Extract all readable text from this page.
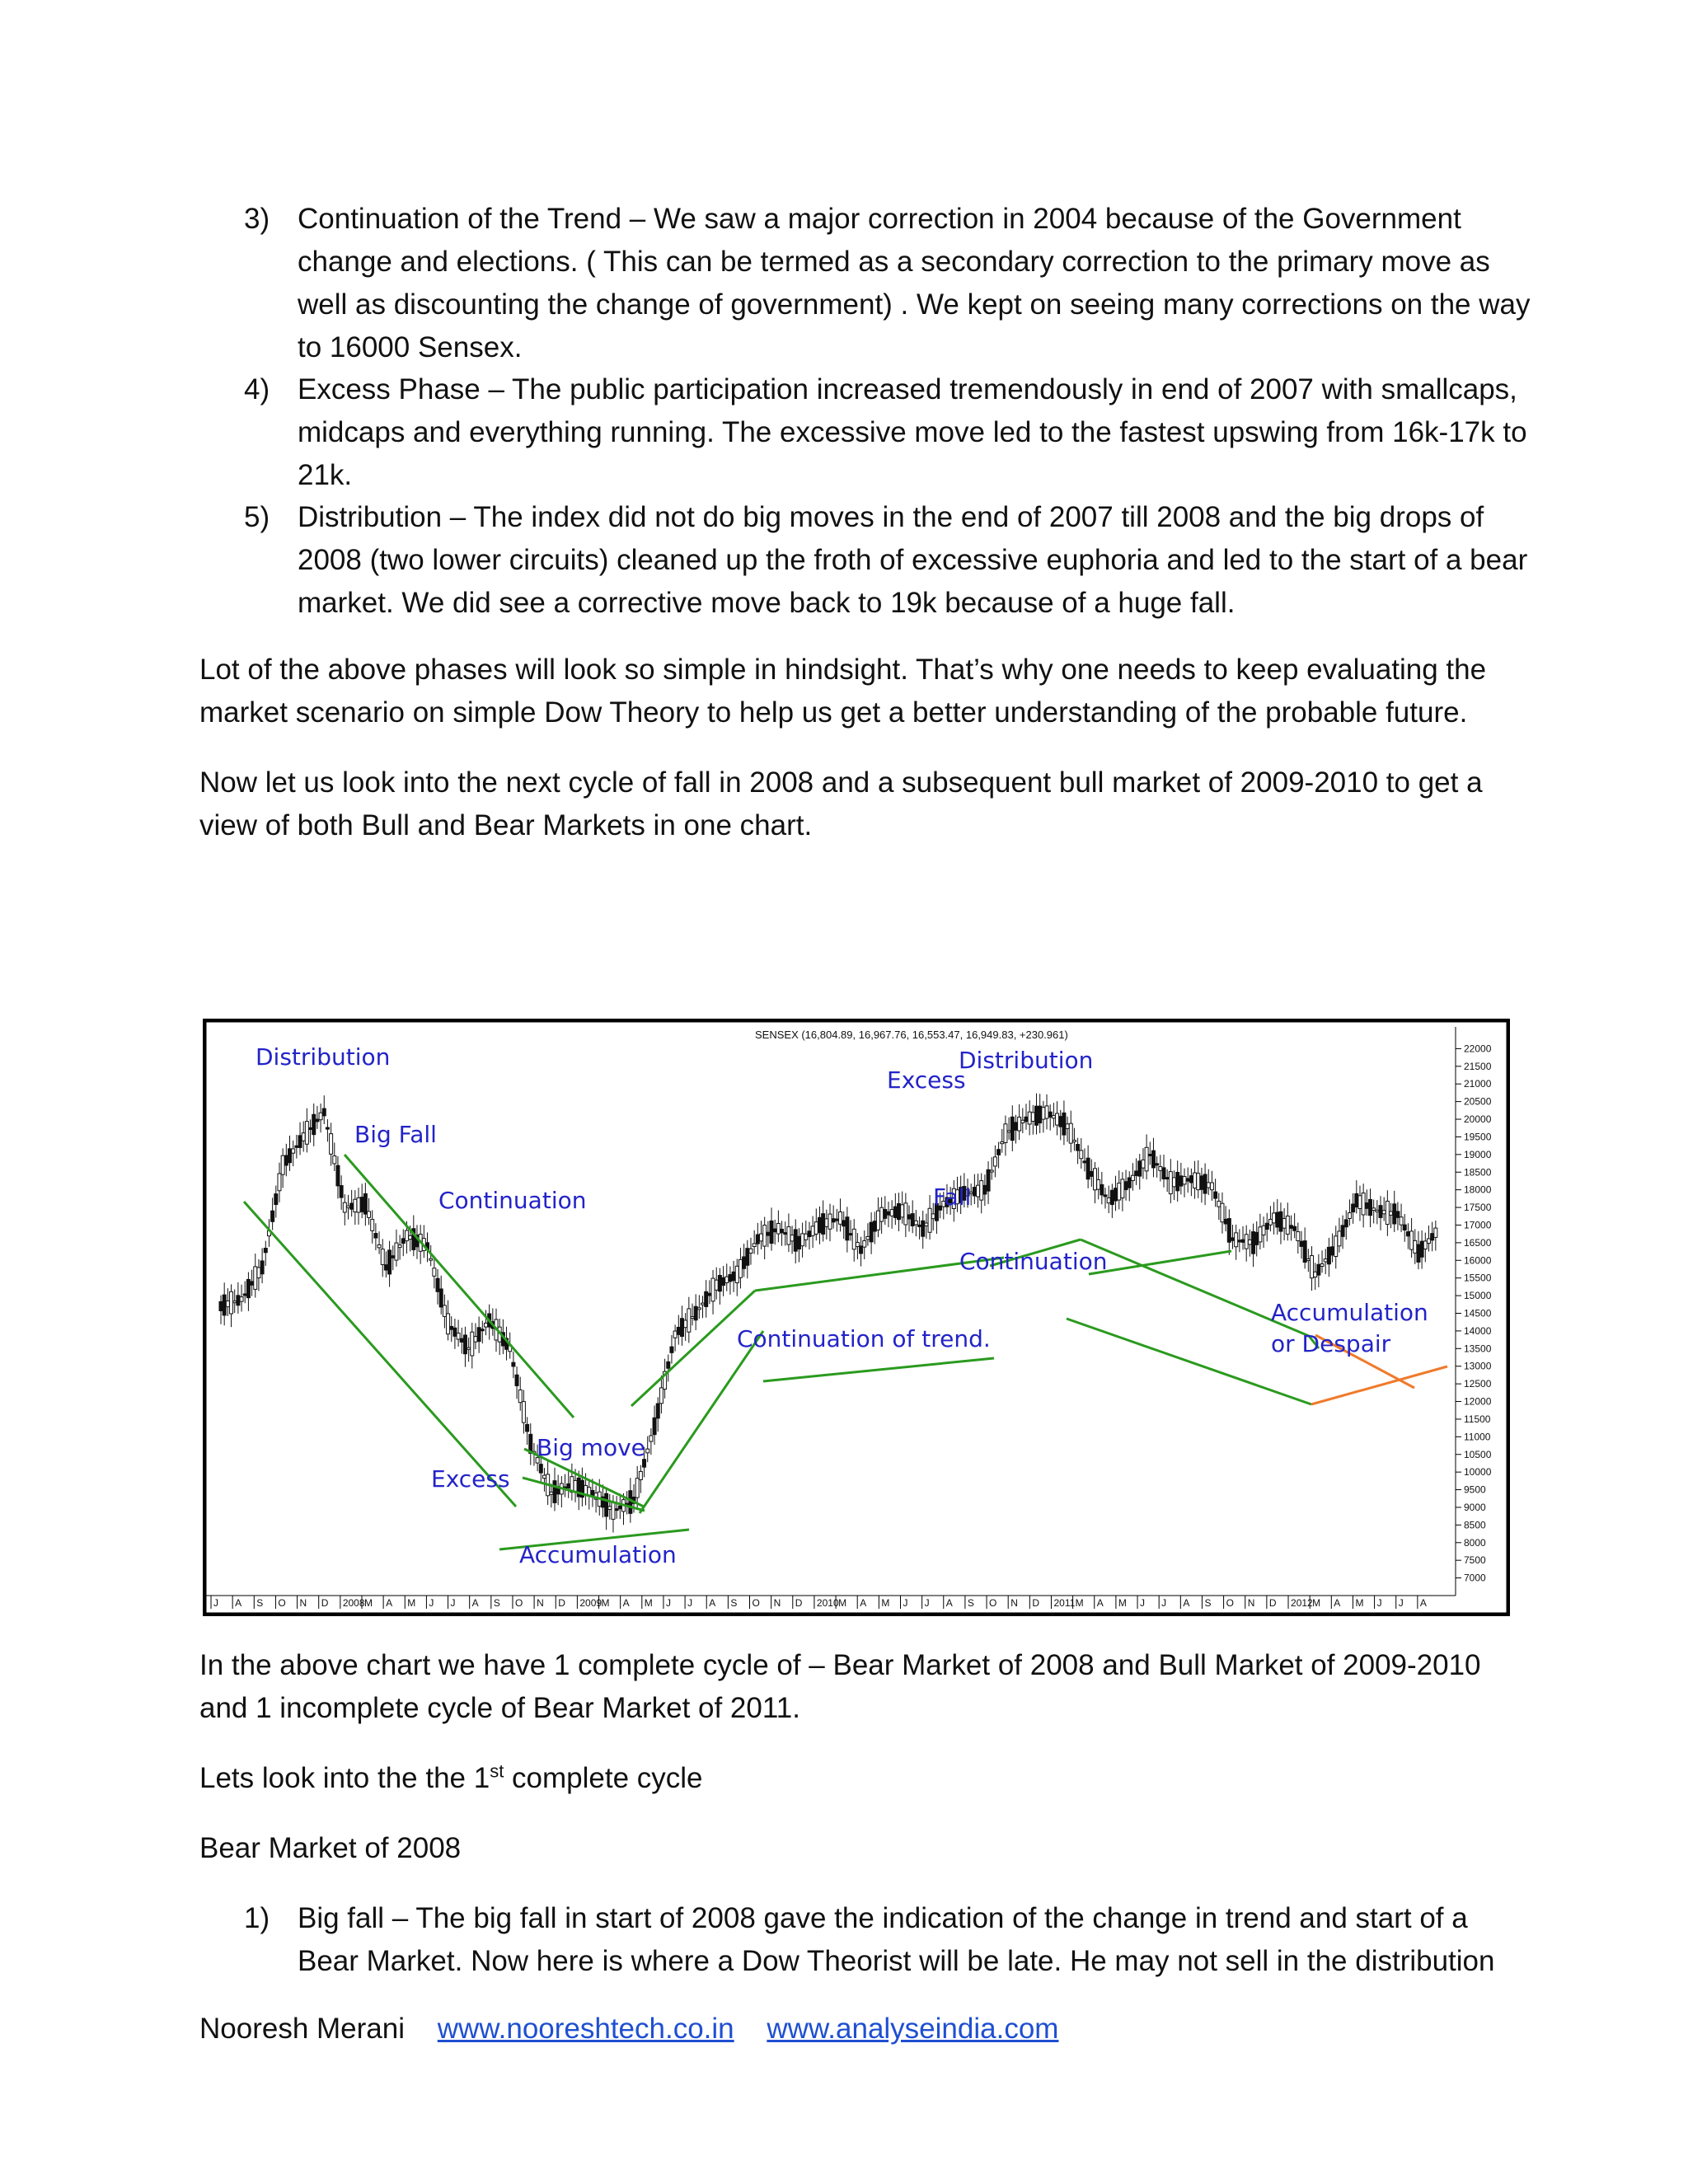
3) Continuation of the Trend – We saw a major correction in 2004 because of the Government change and elections. ( This can be termed as a secondary correction to the primary move as well as discounting the change of government) . We kept on seeing many corrections on the way to 16000 Sensex.
4) Excess Phase – The public participation increased tremendously in end of 2007 with smallcaps, midcaps and everything running. The excessive move led to the fastest upswing from 16k-17k to 21k.
5) Distribution – The index did not do big moves in the end of 2007 till 2008 and the big drops of 2008 (two lower circuits) cleaned up the froth of excessive euphoria and led to the start of a bear market. We did see a corrective move back to 19k because of a huge fall.
Lot of the above phases will look so simple in hindsight. That’s why one needs to keep evaluating the market scenario on simple Dow Theory to help us get a better understanding of the probable future.
Now let us look into the next cycle of fall in 2008 and a subsequent bull market of 2009-2010 to get a view of both Bull and Bear Markets in one chart.
SENSEX (16,804.89, 16,967.76, 16,553.47, 16,949.83, +230.961)
22000
21500
21000
20500
20000
19500
19000
18500
18000
17500
17000
16500
16000
15500
15000
14500
14000
13500
13000
12500
12000
11500
11000
10500
10000
9500
9000
8500
8000
7500
7000
J A S O N D 2008 M A M J J A S O N D 2009 M A M J J A S O N D 2010 M A M J J A S O N D 2011 M A M J J A S O N D 2012 M A M J J A
Distribution
Big Fall
Continuation
Big move
Excess
Accumulation
Continuation of trend.
Excess
Distribution
Fall
Continuation
Accumulation
or Despair
In the above chart we have 1 complete cycle of – Bear Market of 2008 and Bull Market of 2009-2010 and 1 incomplete cycle of Bear Market of 2011.
Lets look into the the 1st complete cycle
Bear Market of 2008
1) Big fall – The big fall in start of 2008 gave the indication of the change in trend and start of a Bear Market. Now here is where a Dow Theorist will be late. He may not sell in the distribution
Nooresh Merani www.nooreshtech.co.in www.analyseindia.com
